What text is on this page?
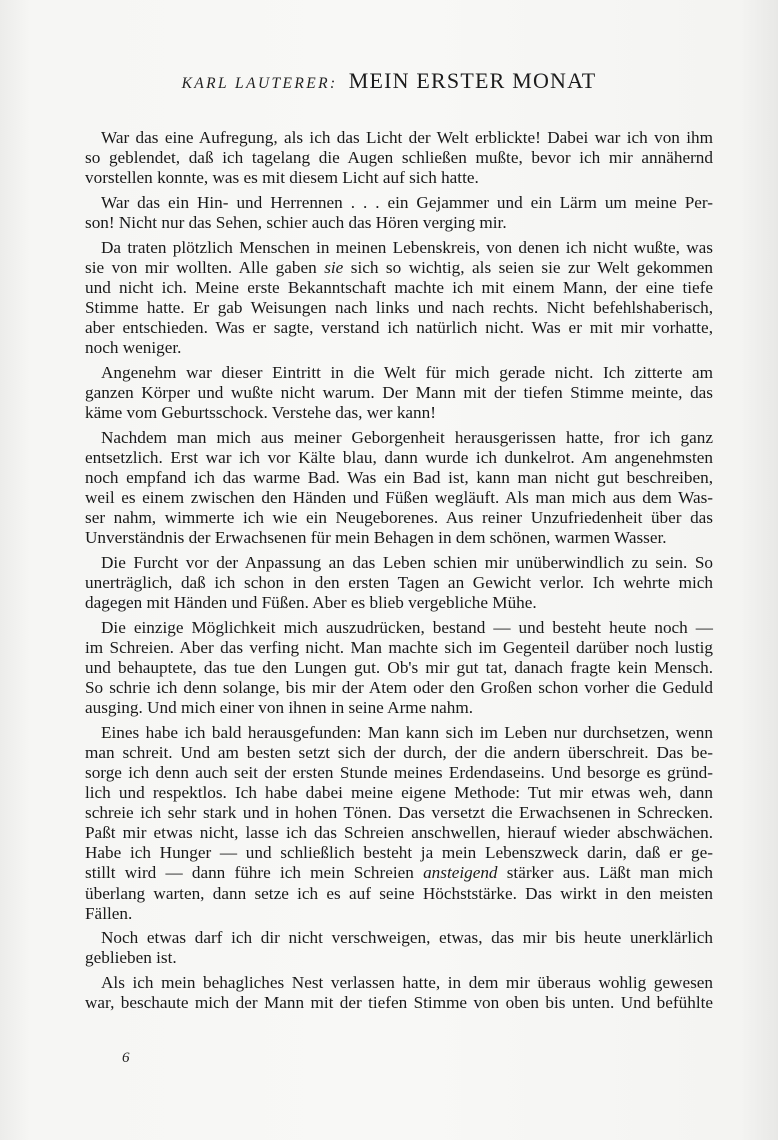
KARL LAUTERER: MEIN ERSTER MONAT
War das eine Aufregung, als ich das Licht der Welt erblickte! Dabei war ich von ihm
so geblendet, daß ich tagelang die Augen schließen mußte, bevor ich mir annähernd
vorstellen konnte, was es mit diesem Licht auf sich hatte.
War das ein Hin- und Herrennen . . . ein Gejammer und ein Lärm um meine Per-
son! Nicht nur das Sehen, schier auch das Hören verging mir.
Da traten plötzlich Menschen in meinen Lebenskreis, von denen ich nicht wußte, was
sie von mir wollten. Alle gaben sie sich so wichtig, als seien sie zur Welt gekommen
und nicht ich. Meine erste Bekanntschaft machte ich mit einem Mann, der eine tiefe
Stimme hatte. Er gab Weisungen nach links und nach rechts. Nicht befehlshaberisch,
aber entschieden. Was er sagte, verstand ich natürlich nicht. Was er mit mir vorhatte,
noch weniger.
Angenehm war dieser Eintritt in die Welt für mich gerade nicht. Ich zitterte am
ganzen Körper und wußte nicht warum. Der Mann mit der tiefen Stimme meinte, das
käme vom Geburtsschock. Verstehe das, wer kann!
Nachdem man mich aus meiner Geborgenheit herausgerissen hatte, fror ich ganz
entsetzlich. Erst war ich vor Kälte blau, dann wurde ich dunkelrot. Am angenehmsten
noch empfand ich das warme Bad. Was ein Bad ist, kann man nicht gut beschreiben,
weil es einem zwischen den Händen und Füßen wegläuft. Als man mich aus dem Was-
ser nahm, wimmerte ich wie ein Neugeborenes. Aus reiner Unzufriedenheit über das
Unverständnis der Erwachsenen für mein Behagen in dem schönen, warmen Wasser.
Die Furcht vor der Anpassung an das Leben schien mir unüberwindlich zu sein. So
unerträglich, daß ich schon in den ersten Tagen an Gewicht verlor. Ich wehrte mich
dagegen mit Händen und Füßen. Aber es blieb vergebliche Mühe.
Die einzige Möglichkeit mich auszudrücken, bestand — und besteht heute noch —
im Schreien. Aber das verfing nicht. Man machte sich im Gegenteil darüber noch lustig
und behauptete, das tue den Lungen gut. Ob's mir gut tat, danach fragte kein Mensch.
So schrie ich denn solange, bis mir der Atem oder den Großen schon vorher die Geduld
ausging. Und mich einer von ihnen in seine Arme nahm.
Eines habe ich bald herausgefunden: Man kann sich im Leben nur durchsetzen, wenn
man schreit. Und am besten setzt sich der durch, der die andern überschreit. Das be-
sorge ich denn auch seit der ersten Stunde meines Erdendaseins. Und besorge es gründ-
lich und respektlos. Ich habe dabei meine eigene Methode: Tut mir etwas weh, dann
schreie ich sehr stark und in hohen Tönen. Das versetzt die Erwachsenen in Schrecken.
Paßt mir etwas nicht, lasse ich das Schreien anschwellen, hierauf wieder abschwächen.
Habe ich Hunger — und schließlich besteht ja mein Lebenszweck darin, daß er ge-
stillt wird — dann führe ich mein Schreien ansteigend stärker aus. Läßt man mich
überlang warten, dann setze ich es auf seine Höchststärke. Das wirkt in den meisten
Fällen.
Noch etwas darf ich dir nicht verschweigen, etwas, das mir bis heute unerklärlich
geblieben ist.
Als ich mein behagliches Nest verlassen hatte, in dem mir überaus wohlig gewesen
war, beschaute mich der Mann mit der tiefen Stimme von oben bis unten. Und befühlte
6
